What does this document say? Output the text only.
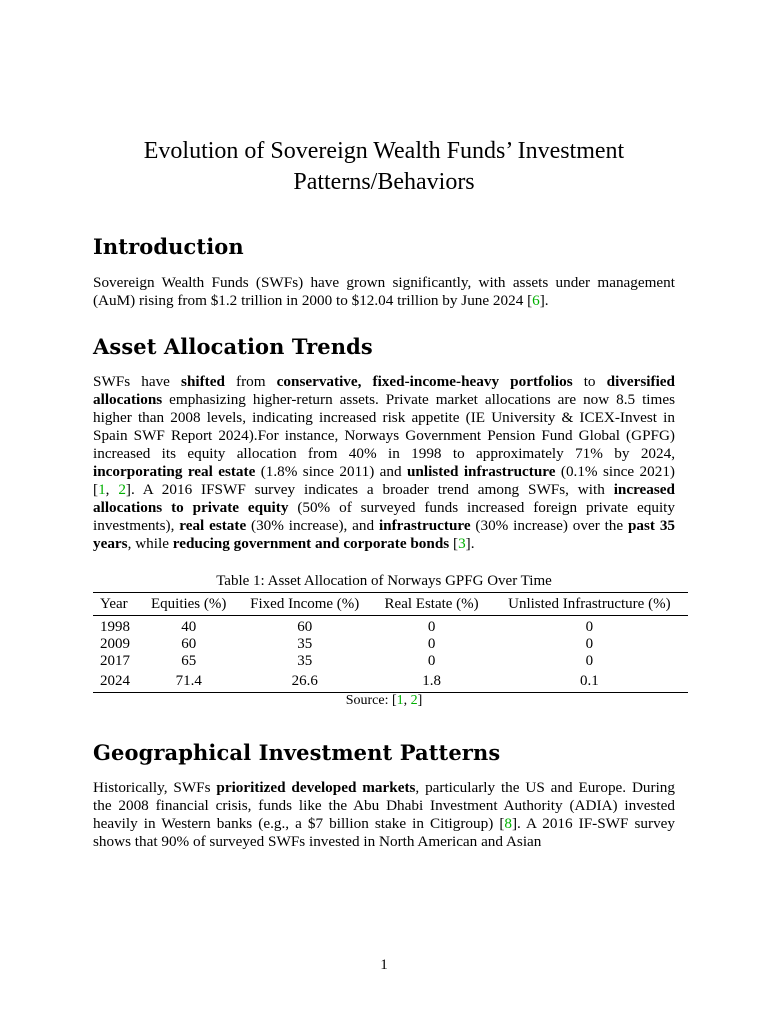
Evolution of Sovereign Wealth Funds’ Investment
Patterns/Behaviors
Introduction

Sovereign Wealth Funds (SWFs) have grown significantly, with assets under management (AuM) rising from $1.2 trillion in 2000 to $12.04 trillion by June 2024 [6].

Asset Allocation Trends

SWFs have shifted from conservative, fixed-income-heavy portfolios to diversified allocations emphasizing higher-return assets. Private market allocations are now 8.5 times higher than 2008 levels, indicating increased risk appetite (IE University & ICEX-Invest in Spain SWF Report 2024).For instance, Norways Government Pension Fund Global (GPFG) increased its equity allocation from 40% in 1998 to approximately 71% by 2024, incorporating real estate (1.8% since 2011) and unlisted infrastructure (0.1% since 2021) [1, 2]. A 2016 IFSWF survey indicates a broader trend among SWFs, with increased allocations to private equity (50% of surveyed funds increased foreign private equity investments), real estate (30% increase), and infrastructure (30% increase) over the past 35 years, while reducing government and corporate bonds [3].

Table 1: Asset Allocation of Norways GPFG Over Time

Year	Equities (%)	Fixed Income (%)	Real Estate (%)	Unlisted Infrastructure (%)
1998	40	60	0	0
2009	60	35	0	0
2017	65	35	0	0
2024	71.4	26.6	1.8	0.1

Source: [1, 2]

Geographical Investment Patterns

Historically, SWFs prioritized developed markets, particularly the US and Europe. During the 2008 financial crisis, funds like the Abu Dhabi Investment Authority (ADIA) invested heavily in Western banks (e.g., a $7 billion stake in Citigroup) [8]. A 2016 IF-SWF survey shows that 90% of surveyed SWFs invested in North American and Asian

1
